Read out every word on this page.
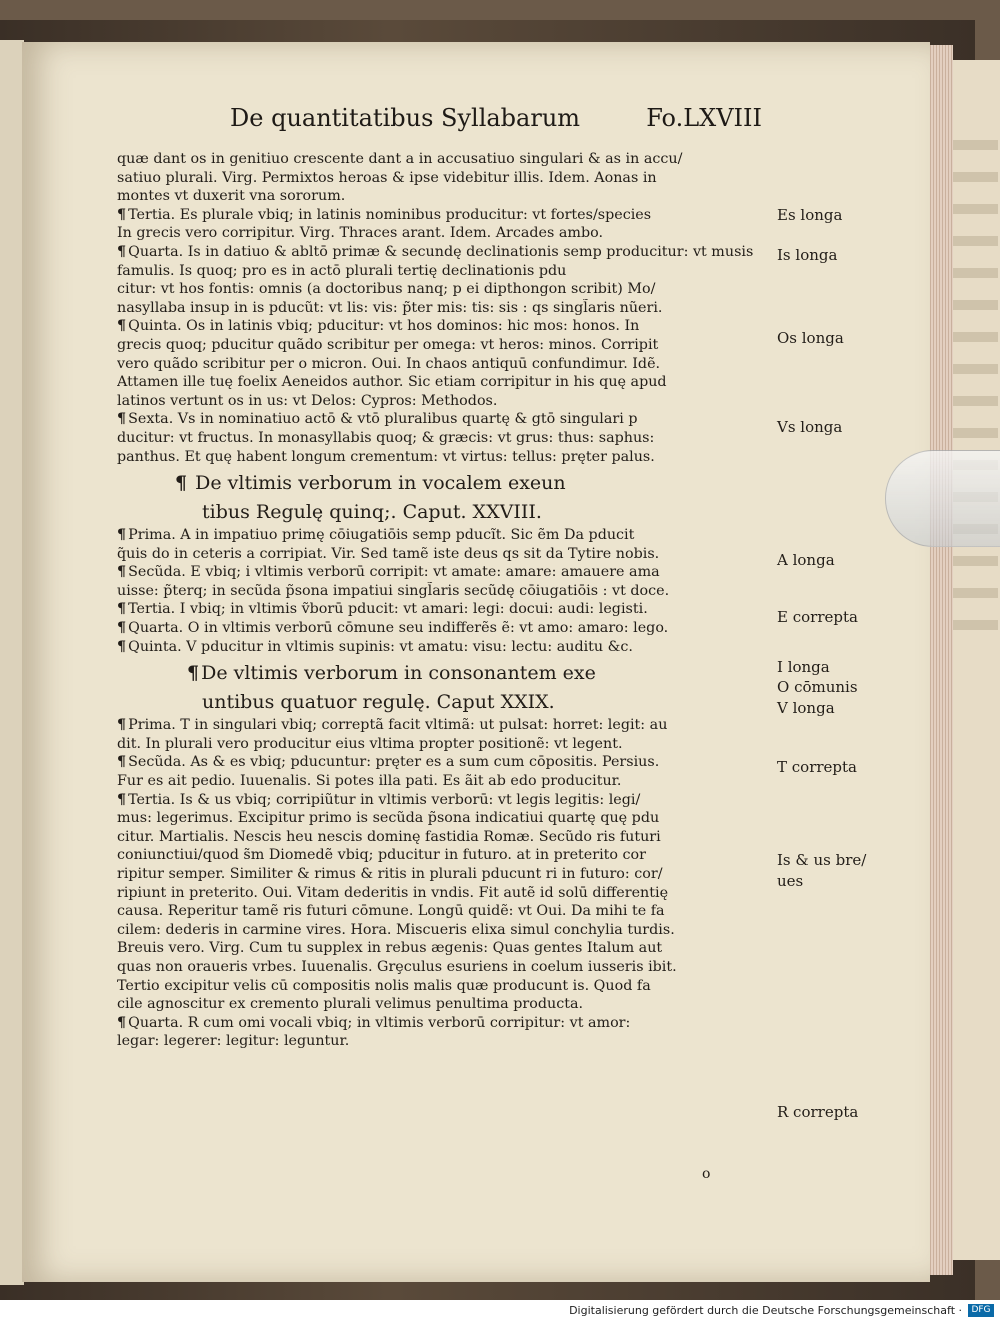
De quantitatibus Syllabarum	Fo.LXVIII
quæ dant os in genitiuo crescente dant a in accusatiuo singulari & as in accu/
satiuo plurali. Virg. Permixtos heroas & ipse videbitur illis. Idem. Aonas in
montes vt duxerit vna sororum.
¶ Tertia. Es plurale vbiq; in latinis nominibus producitur: vt fortes/species
In grecis vero corripitur. Virg. Thraces arant. Idem. Arcades ambo.
¶ Quarta. Is in datiuo & abltō primæ & secundę declinationis semp producitur: vt musis famulis. Is quoq; pro es in actō plurali tertię declinationis pdu
citur: vt hos fontis: omnis (a doctoribus nanq; p ei dipthongon scribit) Mo/
nasyllaba insup in is pducũt: vt lis: vis: p̃ter mis: tis: sis : qs singl̃aris nũeri.
¶ Quinta. Os in latinis vbiq; pducitur: vt hos dominos: hic mos: honos. In
grecis quoq; pducitur quãdo scribitur per omega: vt heros: minos. Corripit
vero quãdo scribitur per o micron. Oui. In chaos antiquū confundimur. Idẽ.
Attamen ille tuę foelix Aeneidos author. Sic etiam corripitur in his quę apud
latinos vertunt os in us: vt Delos: Cypros: Methodos.
¶ Sexta. Vs in nominatiuo actō & vtō pluralibus quartę & gtō singulari p
ducitur: vt fructus. In monasyllabis quoq; & græcis: vt grus: thus: saphus:
panthus. Et quę habent longum crementum: vt virtus: tellus: pręter palus.
¶ De vltimis verborum in vocalem exeun
tibus Regulę quinq;. Caput. XXVIII.
¶ Prima. A in impatiuo primę cōiugatiōis semp pducĩt. Sic ẽm Da pducit
q̃uis do in ceteris a corripiat. Vir. Sed tamẽ iste deus qs sit da Tytire nobis.
¶ Secũda. E vbiq; i vltimis verborū corripit: vt amate: amare: amauere ama
uisse: p̃terq; in secũda p̃sona impatiui singl̃aris secũdę cōiugatiōis : vt doce.
¶ Tertia. I vbiq; in vltimis ṽborū pducit: vt amari: legi: docui: audi: legisti.
¶ Quarta. O in vltimis verborū cōmune seu indifferẽs ẽ: vt amo: amaro: lego.
¶ Quinta. V pducitur in vltimis supinis: vt amatu: visu: lectu: auditu &c.
¶ De vltimis verborum in consonantem exe
untibus quatuor regulę. Caput XXIX.
¶ Prima. T in singulari vbiq; correptã facit vltimã: ut pulsat: horret: legit: au
dit. In plurali vero producitur eius vltima propter positionẽ: vt legent.
¶ Secũda. As & es vbiq; pducuntur: pręter es a sum cum cōpositis. Persius.
Fur es ait pedio. Iuuenalis. Si potes illa pati. Es ãit ab edo producitur.
¶ Tertia. Is & us vbiq; corripiũtur in vltimis verborū: vt legis legitis: legi/
mus: legerimus. Excipitur primo is secũda p̃sona indicatiui quartę quę pdu
citur. Martialis. Nescis heu nescis dominę fastidia Romæ. Secũdo ris futuri
coniunctiui/quod s̃m Diomedẽ vbiq; pducitur in futuro. at in preterito cor
ripitur semper. Similiter & rimus & ritis in plurali pducunt ri in futuro: cor/
ripiunt in preterito. Oui. Vitam dederitis in vndis. Fit autẽ id solū differentię
causa. Reperitur tamẽ ris futuri cōmune. Longū quidẽ: vt Oui. Da mihi te fa
cilem: dederis in carmine vires. Hora. Miscueris elixa simul conchylia turdis.
Breuis vero. Virg. Cum tu supplex in rebus ægenis: Quas gentes Italum aut
quas non oraueris vrbes. Iuuenalis. Grȩculus esuriens in coelum iusseris ibit.
Tertio excipitur velis cū compositis nolis malis quæ producunt is. Quod fa
cile agnoscitur ex cremento plurali velimus penultima producta.
¶ Quarta. R cum omi vocali vbiq; in vltimis verborū corripitur: vt amor:
legar: legerer: legitur: leguntur.
Es longa
Is longa
Os longa
Vs longa
A longa
E correpta
I longa
O cōmunis
V longa
T correpta
Is & us bre/
ues
R correpta
o
Digitalisierung gefördert durch die Deutsche Forschungsgemeinschaft ·	DFG
